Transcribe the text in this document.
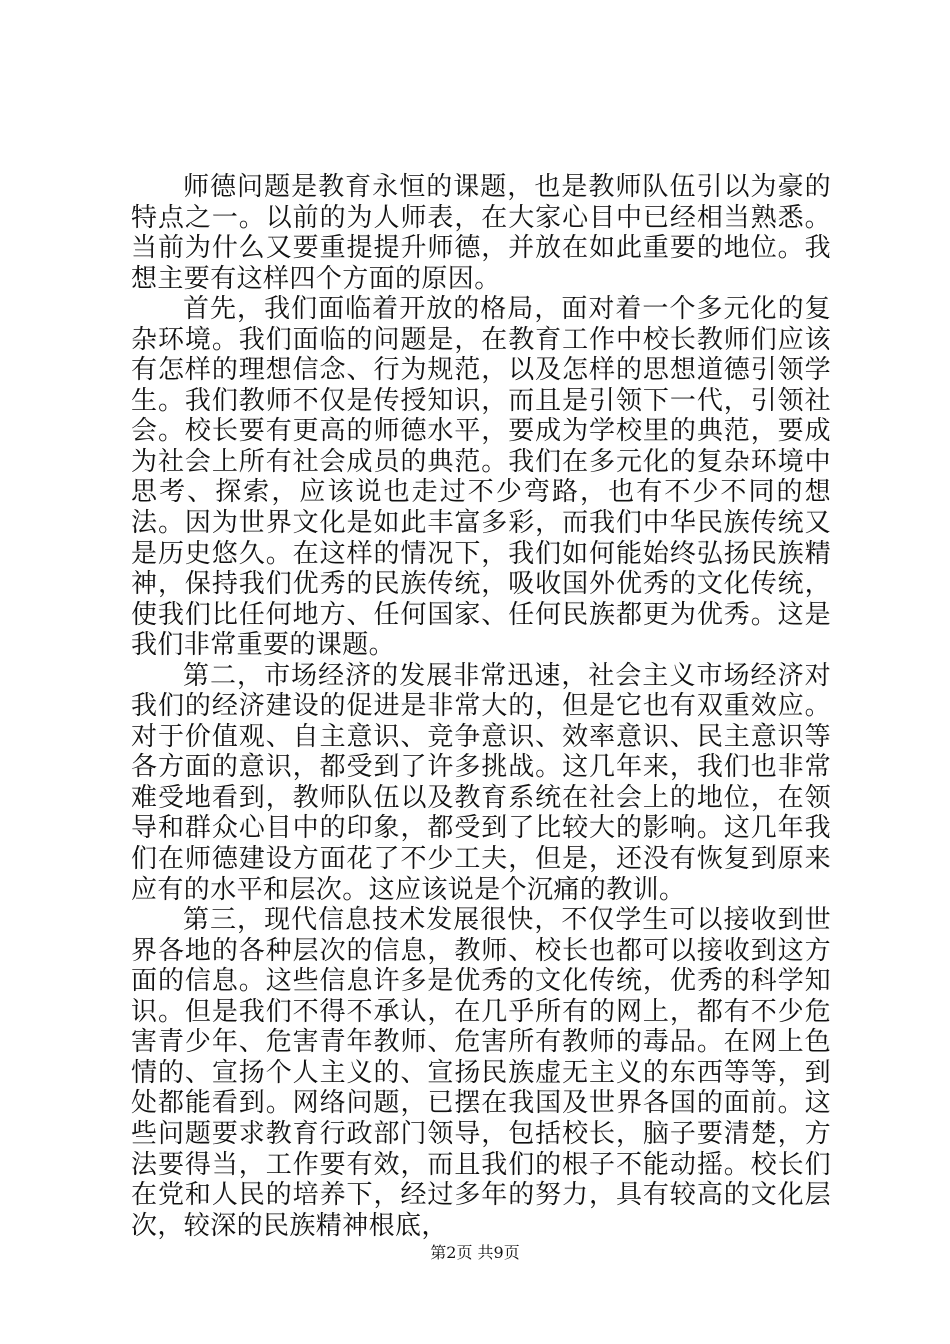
师德问题是教育永恒的课题，也是教师队伍引以为豪的特点之一。以前的为人师表，在大家心目中已经相当熟悉。当前为什么又要重提提升师德，并放在如此重要的地位。我想主要有这样四个方面的原因。

首先，我们面临着开放的格局，面对着一个多元化的复杂环境。我们面临的问题是，在教育工作中校长教师们应该有怎样的理想信念、行为规范，以及怎样的思想道德引领学生。我们教师不仅是传授知识，而且是引领下一代，引领社会。校长要有更高的师德水平，要成为学校里的典范，要成为社会上所有社会成员的典范。我们在多元化的复杂环境中思考、探索，应该说也走过不少弯路，也有不少不同的想法。因为世界文化是如此丰富多彩，而我们中华民族传统又是历史悠久。在这样的情况下，我们如何能始终弘扬民族精神，保持我们优秀的民族传统，吸收国外优秀的文化传统，使我们比任何地方、任何国家、任何民族都更为优秀。这是我们非常重要的课题。

第二，市场经济的发展非常迅速，社会主义市场经济对我们的经济建设的促进是非常大的，但是它也有双重效应。对于价值观、自主意识、竞争意识、效率意识、民主意识等各方面的意识，都受到了许多挑战。这几年来，我们也非常难受地看到，教师队伍以及教育系统在社会上的地位，在领导和群众心目中的印象，都受到了比较大的影响。这几年我们在师德建设方面花了不少工夫，但是，还没有恢复到原来应有的水平和层次。这应该说是个沉痛的教训。

第三，现代信息技术发展很快，不仅学生可以接收到世界各地的各种层次的信息，教师、校长也都可以接收到这方面的信息。这些信息许多是优秀的文化传统，优秀的科学知识。但是我们不得不承认，在几乎所有的网上，都有不少危害青少年、危害青年教师、危害所有教师的毒品。在网上色情的、宣扬个人主义的、宣扬民族虚无主义的东西等等，到处都能看到。网络问题，已摆在我国及世界各国的面前。这些问题要求教育行政部门领导，包括校长，脑子要清楚，方法要得当，工作要有效，而且我们的根子不能动摇。校长们在党和人民的培养下，经过多年的努力，具有较高的文化层次，较深的民族精神根底，

第2页 共9页
